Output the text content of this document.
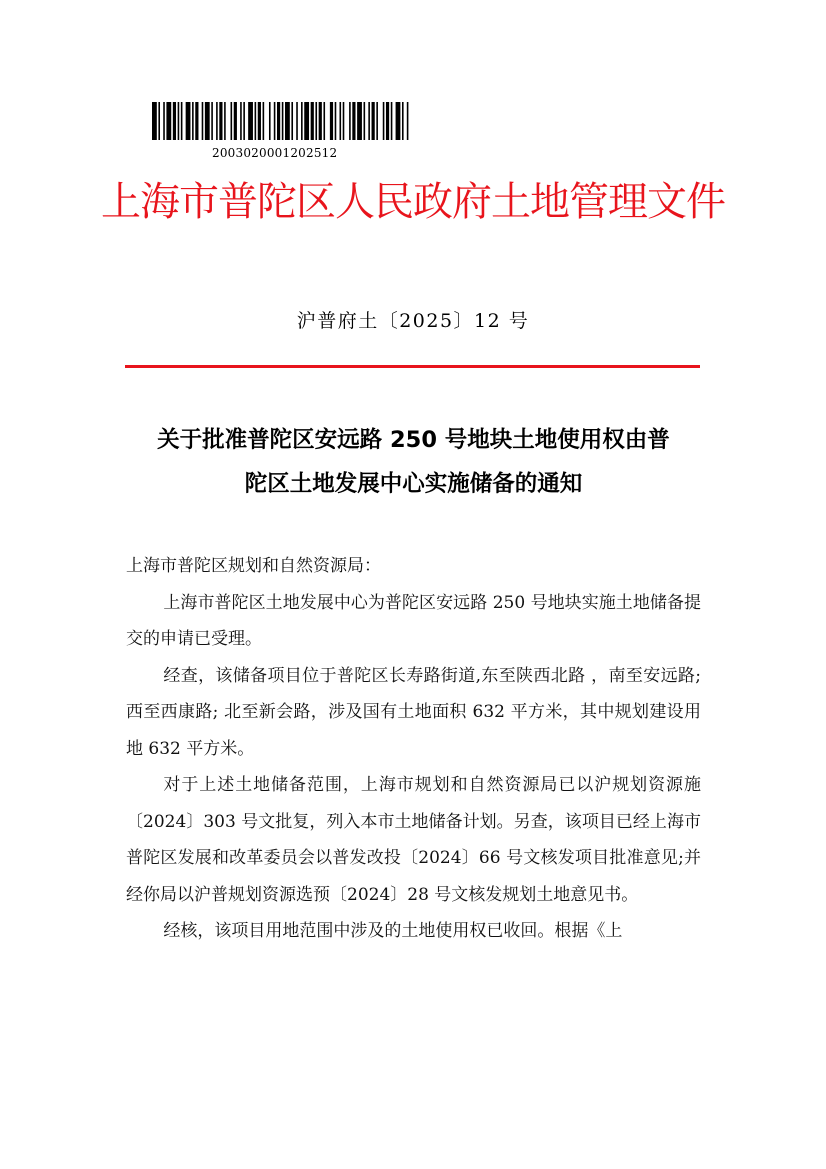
2003020001202512
上海市普陀区人民政府土地管理文件
沪普府土〔2025〕12 号
关于批准普陀区安远路 250 号地块土地使用权由普
陀区土地发展中心实施储备的通知

上海市普陀区规划和自然资源局：

上海市普陀区土地发展中心为普陀区安远路 250 号地块实施土地储备提交的申请已受理。

经查，该储备项目位于普陀区长寿路街道,东至陕西北路 ，南至安远路;西至西康路; 北至新会路，涉及国有土地面积 632 平方米，其中规划建设用地 632 平方米。

对于上述土地储备范围，上海市规划和自然资源局已以沪规划资源施〔2024〕303 号文批复，列入本市土地储备计划。另查，该项目已经上海市普陀区发展和改革委员会以普发改投〔2024〕66 号文核发项目批准意见;并经你局以沪普规划资源选预〔2024〕28 号文核发规划土地意见书。

经核，该项目用地范围中涉及的土地使用权已收回。根据《上
